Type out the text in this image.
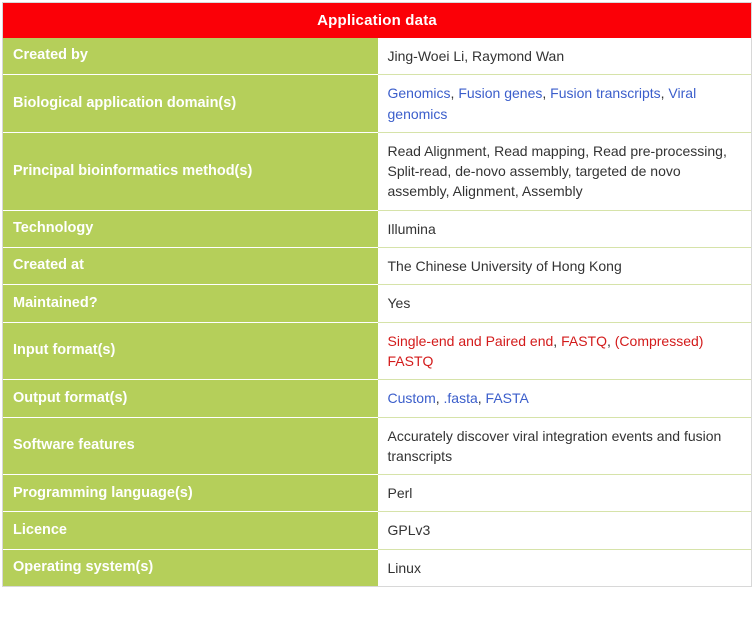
Application data	
Created by	Jing-Woei Li, Raymond Wan
Biological application domain(s)	Genomics, Fusion genes, Fusion transcripts, Viral genomics
Principal bioinformatics method(s)	Read Alignment, Read mapping, Read pre-processing, Split-read, de-novo assembly, targeted de novo assembly, Alignment, Assembly
Technology	Illumina
Created at	The Chinese University of Hong Kong
Maintained?	Yes
Input format(s)	Single-end and Paired end, FASTQ, (Compressed) FASTQ
Output format(s)	Custom, .fasta, FASTA
Software features	Accurately discover viral integration events and fusion transcripts
Programming language(s)	Perl
Licence	GPLv3
Operating system(s)	Linux
